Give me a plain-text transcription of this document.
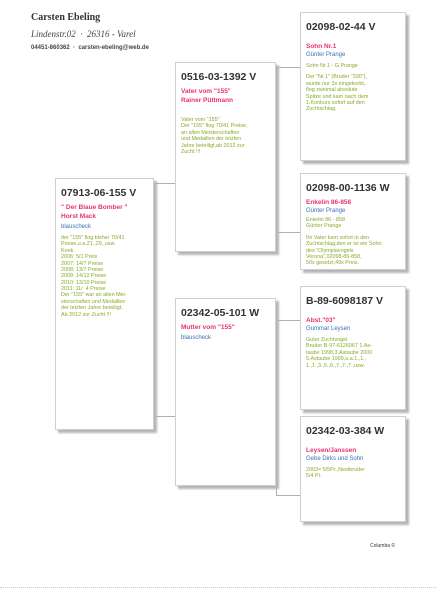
Carsten Ebeling
Lindenstr.02  ·  26316 - Varel
04451-860362  ·  carsten-ebeling@web.de
07913-06-155 V
" Der Blaue Bomber "
Horst Mack
blauscheck
der "155" flog bisher 70/41
Preise,u.a.21.,29.,usw.
Konk.
2006: 5/1 Preis
2007: 14/7 Preise
2008: 13/7 Preise
2009: 14/12 Preise
2010: 13/10 Preise
2011: 11/  4 Preise
Der "155" war an allen Mei-
sterschaften und Medaillen
der letzten Jahre beteiligt.
Ab 2012 zur Zucht !!!
0516-03-1392 V
Vater vom "155"
Rainer Püttmann
Vater vom "155"
Der "155" flog 70/41 Preise,
an allen Meisterschaften
und Medaillen der letzten
Jahre beteiligt,ab 2012 zur
Zucht !!!
02342-05-101 W
Mutter vom "155"
blauscheck
02098-02-44 V
Sohn Nr.1
Günter Prange
Sohn Nr.1 - G.Prange
Der "Nr.1" (Bruder "330"),
wurde nur 3x eingekorbt,
flog zweimal absolute
Spitze und kam nach dem
1.Konkurs sofort auf den
Zuchtschlag.
02098-00-1136 W
Enkelin 86-858
Günter Prange
Enkelin 86 - 858
Günter Prange
Ihr Vater kam sofort in den
Zuchtschlag,den er ist ein Sohn
des "Olympiavogels
Verona",02098-86-858,
50x gesetzt,49x Preis.
B-89-6098187 V
Abst."03"
Gummar Leysen
Guter Zuchtvogel
Bruder B-97-6126067 1.As-
taube 1998,3.Astaube 2000
5.Astaube 1999,u.a.1.,1.,
1.,1.,3.,5.,6.,7.,7.,7.,usw.
02342-03-384 W
Leysen/Janssen
Gebe Dirks und Sohn
2003= 5/5Pr.,Nestbruder
5/4 Pr.
Columba ©
